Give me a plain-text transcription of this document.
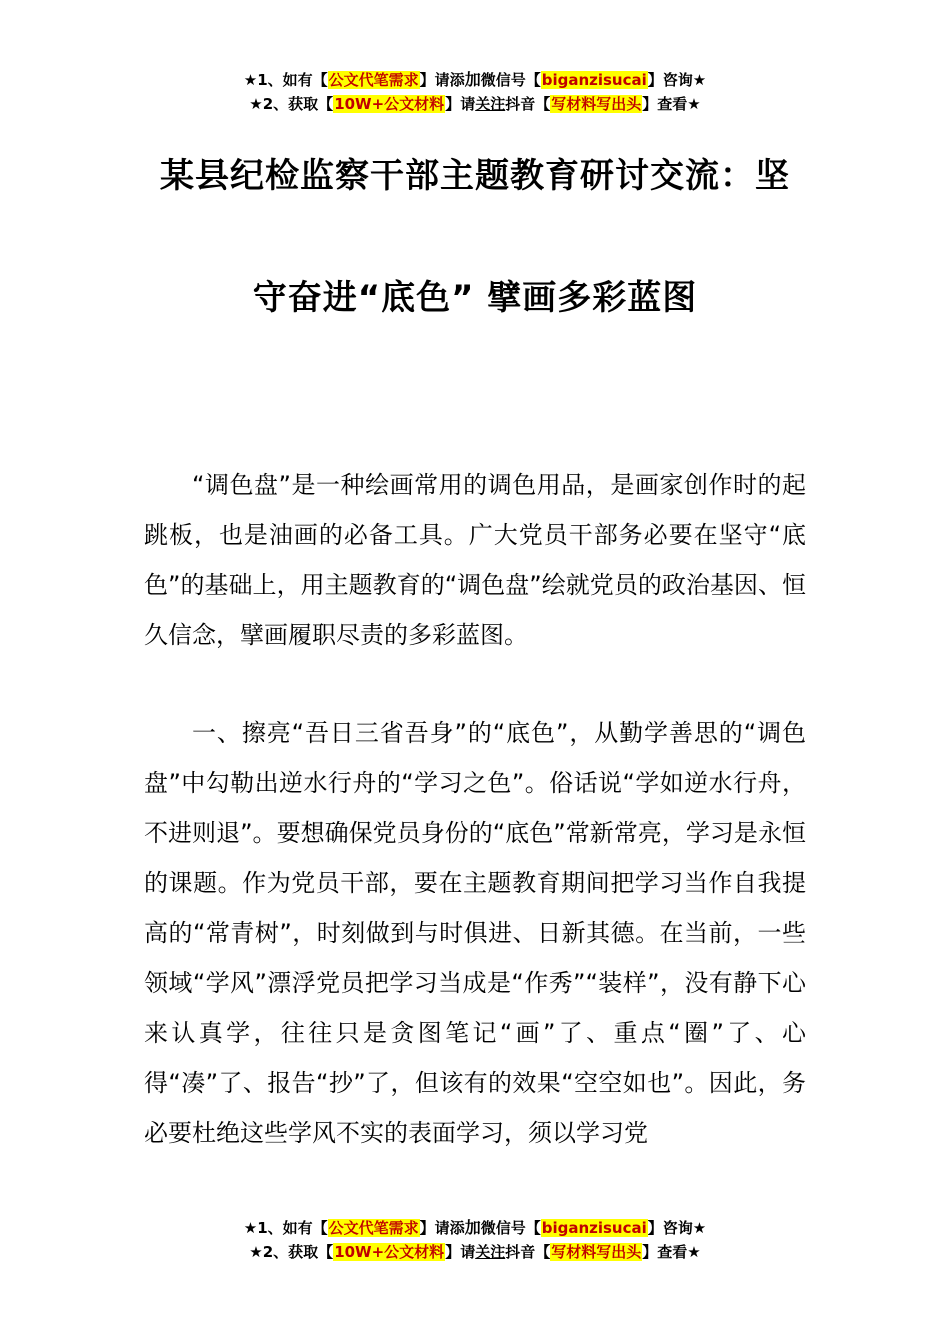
★1、如有【公文代笔需求】请添加微信号【biganzisucai】咨询★
★2、获取【10W+公文材料】请关注抖音【写材料写出头】查看★
某县纪检监察干部主题教育研讨交流：坚
守奋进“底色” 擘画多彩蓝图

“调色盘”是一种绘画常用的调色用品，是画家创作时的起跳板，也是油画的必备工具。广大党员干部务必要在坚守“底色”的基础上，用主题教育的“调色盘”绘就党员的政治基因、恒久信念，擘画履职尽责的多彩蓝图。

一、擦亮“吾日三省吾身”的“底色”，从勤学善思的“调色盘”中勾勒出逆水行舟的“学习之色”。俗话说“学如逆水行舟，不进则退”。要想确保党员身份的“底色”常新常亮，学习是永恒的课题。作为党员干部，要在主题教育期间把学习当作自我提高的“常青树”，时刻做到与时俱进、日新其德。在当前，一些领域“学风”漂浮党员把学习当成是“作秀”“装样”，没有静下心来认真学，往往只是贪图笔记“画”了、重点“圈”了、心得“凑”了、报告“抄”了，但该有的效果“空空如也”。因此，务必要杜绝这些学风不实的表面学习，须以学习党

★1、如有【公文代笔需求】请添加微信号【biganzisucai】咨询★
★2、获取【10W+公文材料】请关注抖音【写材料写出头】查看★
